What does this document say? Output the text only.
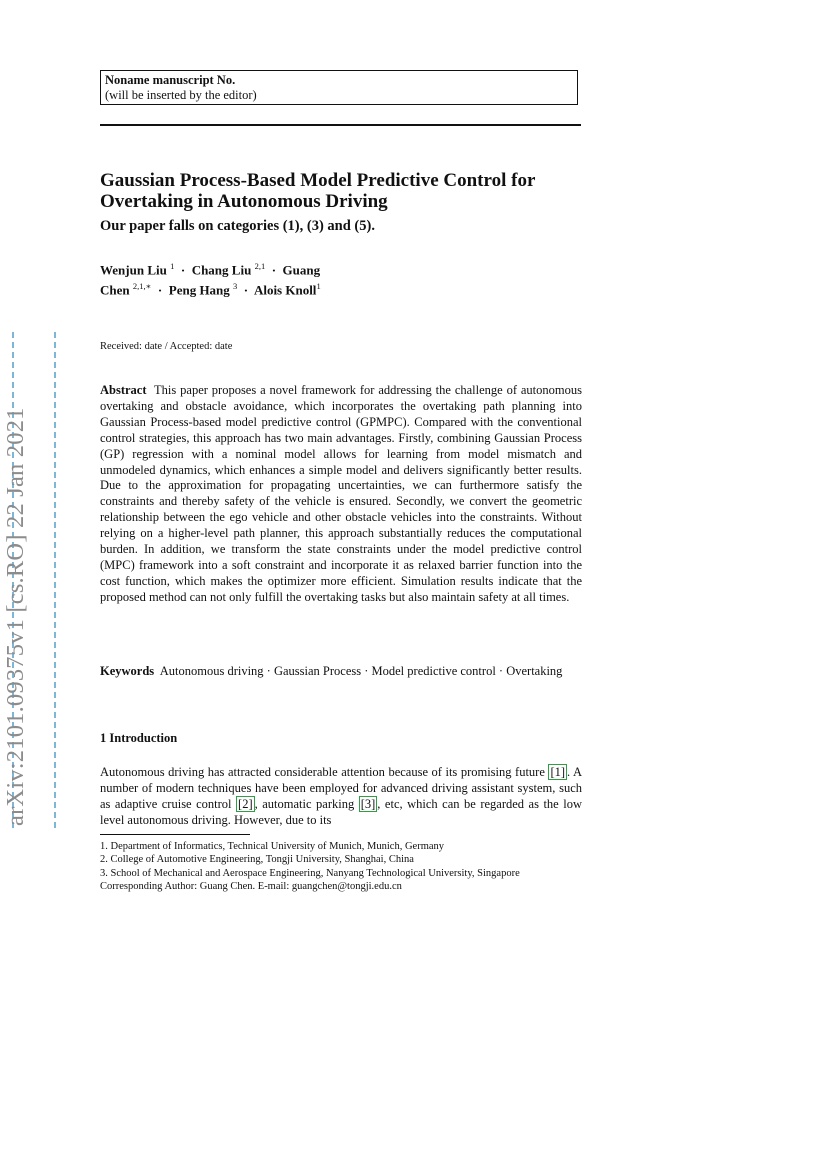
arXiv:2101.09375v1 [cs.RO] 22 Jan 2021
Noname manuscript No.
(will be inserted by the editor)
Gaussian Process-Based Model Predictive Control for Overtaking in Autonomous Driving
Our paper falls on categories (1), (3) and (5).
Wenjun Liu $^1$ · Chang Liu $^{2,1}$ · Guang
Chen $^{2,1,∗}$ · Peng Hang $^3$ · Alois Knoll$^1$
Received: date / Accepted: date
Abstract This paper proposes a novel framework for addressing the challenge of autonomous overtaking and obstacle avoidance, which incorporates the overtaking path planning into Gaussian Process-based model predictive control (GPMPC). Compared with the conventional control strategies, this approach has two main advantages. Firstly, combining Gaussian Process (GP) regression with a nominal model allows for learning from model mismatch and unmodeled dynamics, which enhances a simple model and delivers significantly better results. Due to the approximation for propagating uncertainties, we can furthermore satisfy the constraints and thereby safety of the vehicle is ensured. Secondly, we convert the geometric relationship between the ego vehicle and other obstacle vehicles into the constraints. Without relying on a higher-level path planner, this approach substantially reduces the computational burden. In addition, we transform the state constraints under the model predictive control (MPC) framework into a soft constraint and incorporate it as relaxed barrier function into the cost function, which makes the optimizer more efficient. Simulation results indicate that the proposed method can not only fulfill the overtaking tasks but also maintain safety at all times.
Keywords Autonomous driving · Gaussian Process · Model predictive control · Overtaking
1 Introduction
Autonomous driving has attracted considerable attention because of its promising future [1] . A number of modern techniques have been employed for advanced driving assistant system, such as adaptive cruise control [2] , automatic parking [3] , etc, which can be regarded as the low level autonomous driving. However, due to its
1. Department of Informatics, Technical University of Munich, Munich, Germany
2. College of Automotive Engineering, Tongji University, Shanghai, China
3. School of Mechanical and Aerospace Engineering, Nanyang Technological University, Singapore
Corresponding Author: Guang Chen. E-mail: guangchen@tongji.edu.cn
